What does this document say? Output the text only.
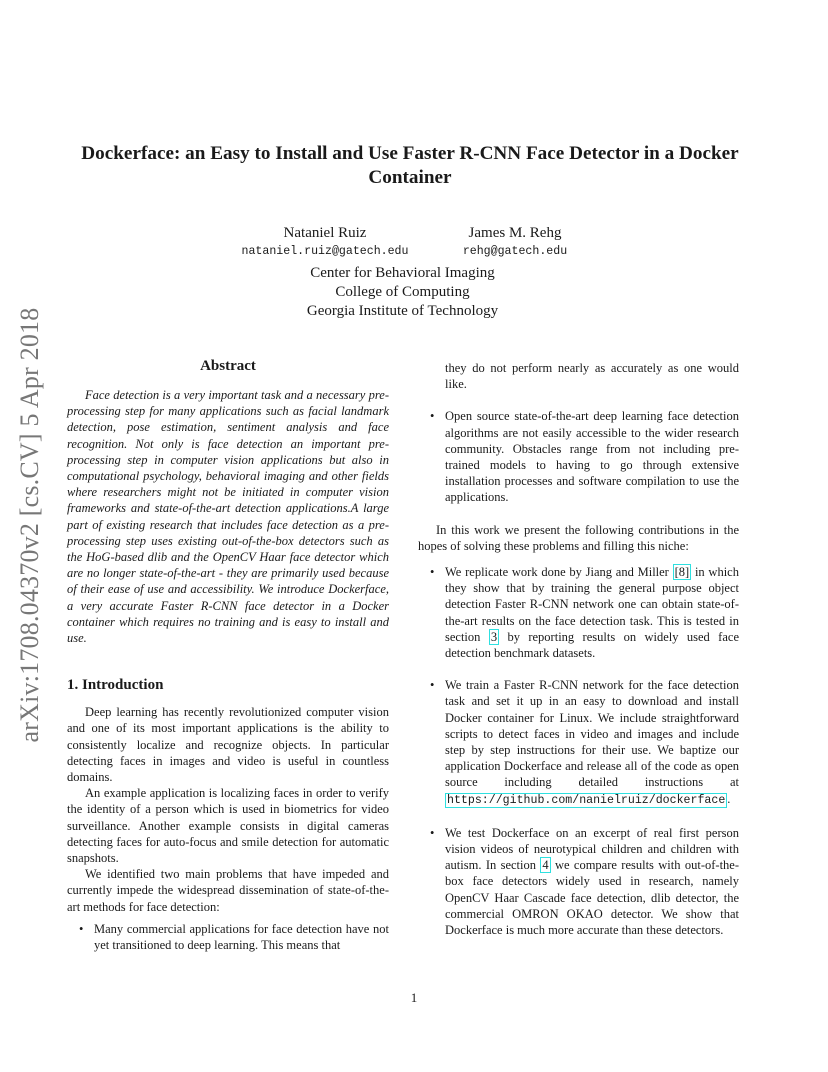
arXiv:1708.04370v2 [cs.CV] 5 Apr 2018
Dockerface: an Easy to Install and Use Faster R-CNN Face Detector in a Docker Container
Nataniel Ruiz
nataniel.ruiz@gatech.edu
James M. Rehg
rehg@gatech.edu
Center for Behavioral Imaging
College of Computing
Georgia Institute of Technology
Abstract

Face detection is a very important task and a necessary pre-processing step for many applications such as facial landmark detection, pose estimation, sentiment analysis and face recognition. Not only is face detection an important pre-processing step in computer vision applications but also in computational psychology, behavioral imaging and other fields where researchers might not be initiated in computer vision frameworks and state-of-the-art detection applications.A large part of existing research that includes face detection as a pre-processing step uses existing out-of-the-box detectors such as the HoG-based dlib and the OpenCV Haar face detector which are no longer state-of-the-art - they are primarily used because of their ease of use and accessibility. We introduce Dockerface, a very accurate Faster R-CNN face detector in a Docker container which requires no training and is easy to install and use.

1. Introduction

Deep learning has recently revolutionized computer vision and one of its most important applications is the ability to consistently localize and recognize objects. In particular detecting faces in images and video is useful in countless domains.

An example application is localizing faces in order to verify the identity of a person which is used in biometrics for video surveillance. Another example consists in digital cameras detecting faces for auto-focus and smile detection for automatic snapshots.

We identified two main problems that have impeded and currently impede the widespread dissemination of state-of-the-art methods for face detection:

• Many commercial applications for face detection have not yet transitioned to deep learning. This means that
they do not perform nearly as accurately as one would like.
• Open source state-of-the-art deep learning face detection algorithms are not easily accessible to the wider research community. Obstacles range from not including pre-trained models to having to go through extensive installation processes and software compilation to use the applications.

In this work we present the following contributions in the hopes of solving these problems and filling this niche:

• We replicate work done by Jiang and Miller [8] in which they show that by training the general purpose object detection Faster R-CNN network one can obtain state-of-the-art results on the face detection task. This is tested in section 3 by reporting results on widely used face detection benchmark datasets.
• We train a Faster R-CNN network for the face detection task and set it up in an easy to download and install Docker container for Linux. We include straightforward scripts to detect faces in video and images and include step by step instructions for their use. We baptize our application Dockerface and release all of the code as open source including detailed instructions at https://github.com/nanielruiz/dockerface .
• We test Dockerface on an excerpt of real first person vision videos of neurotypical children and children with autism. In section 4 we compare results with out-of-the-box face detectors widely used in research, namely OpenCV Haar Cascade face detection, dlib detector, the commercial OMRON OKAO detector. We show that Dockerface is much more accurate than these detectors.
1
